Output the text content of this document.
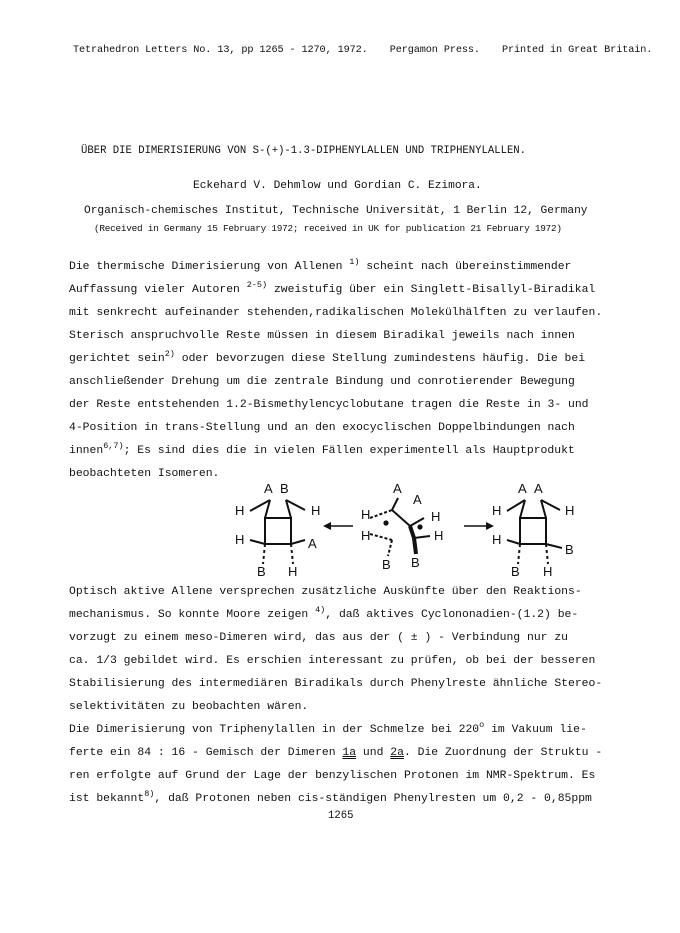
Tetrahedron Letters No. 13, pp 1265 - 1270, 1972. Pergamon Press. Printed in Great Britain.
ÜBER DIE DIMERISIERUNG VON S-(+)-1.3-DIPHENYLALLEN UND TRIPHENYLALLEN.
Eckehard V. Dehmlow und Gordian C. Ezimora.
Organisch-chemisches Institut, Technische Universität, 1 Berlin 12, Germany
(Received in Germany 15 February 1972; received in UK for publication 21 February 1972)
Die thermische Dimerisierung von Allenen $^{1)}$ scheint nach übereinstimmender
Auffassung vieler Autoren $^{2-5)}$ zweistufig über ein Singlett-Bisallyl-Biradikal
mit senkrecht aufeinander stehenden,radikalischen Molekülhälften zu verlaufen.
Sterisch anspruchvolle Reste müssen in diesem Biradikal jeweils nach innen
gerichtet sein$^{2)}$ oder bevorzugen diese Stellung zumindestens häufig. Die bei
anschließender Drehung um die zentrale Bindung und conrotierender Bewegung
der Reste entstehenden 1.2-Bismethylencyclobutane tragen die Reste in 3- und
4-Position in trans-Stellung und an den exocyclischen Doppelbindungen nach
innen$^{6,7)}$; Es sind dies die in vielen Fällen experimentell als Hauptprodukt
beobachteten Isomeren.
A B
H	H
H	A
B H
A
A
H	H
H	H
B B
A A
H	H
H
B
B H
Optisch aktive Allene versprechen zusätzliche Auskünfte über den Reaktions-
mechanismus. So konnte Moore zeigen $^{4)}$, daß aktives Cyclononadien-(1.2) be-
vorzugt zu einem meso-Dimeren wird, das aus der ( ± ) - Verbindung nur zu
ca. 1/3 gebildet wird. Es erschien interessant zu prüfen, ob bei der besseren
Stabilisierung des intermediären Biradikals durch Phenylreste ähnliche Stereo-
selektivitäten zu beobachten wären.
Die Dimerisierung von Triphenylallen in der Schmelze bei 220$^o$ im Vakuum lie-
ferte ein 84 : 16 - Gemisch der Dimeren 1a und 2a. Die Zuordnung der Struktu -
ren erfolgte auf Grund der Lage der benzylischen Protonen im NMR-Spektrum. Es
ist bekannt$^{8)}$, daß Protonen neben cis-ständigen Phenylresten um 0,2 - 0,85ppm
1265
